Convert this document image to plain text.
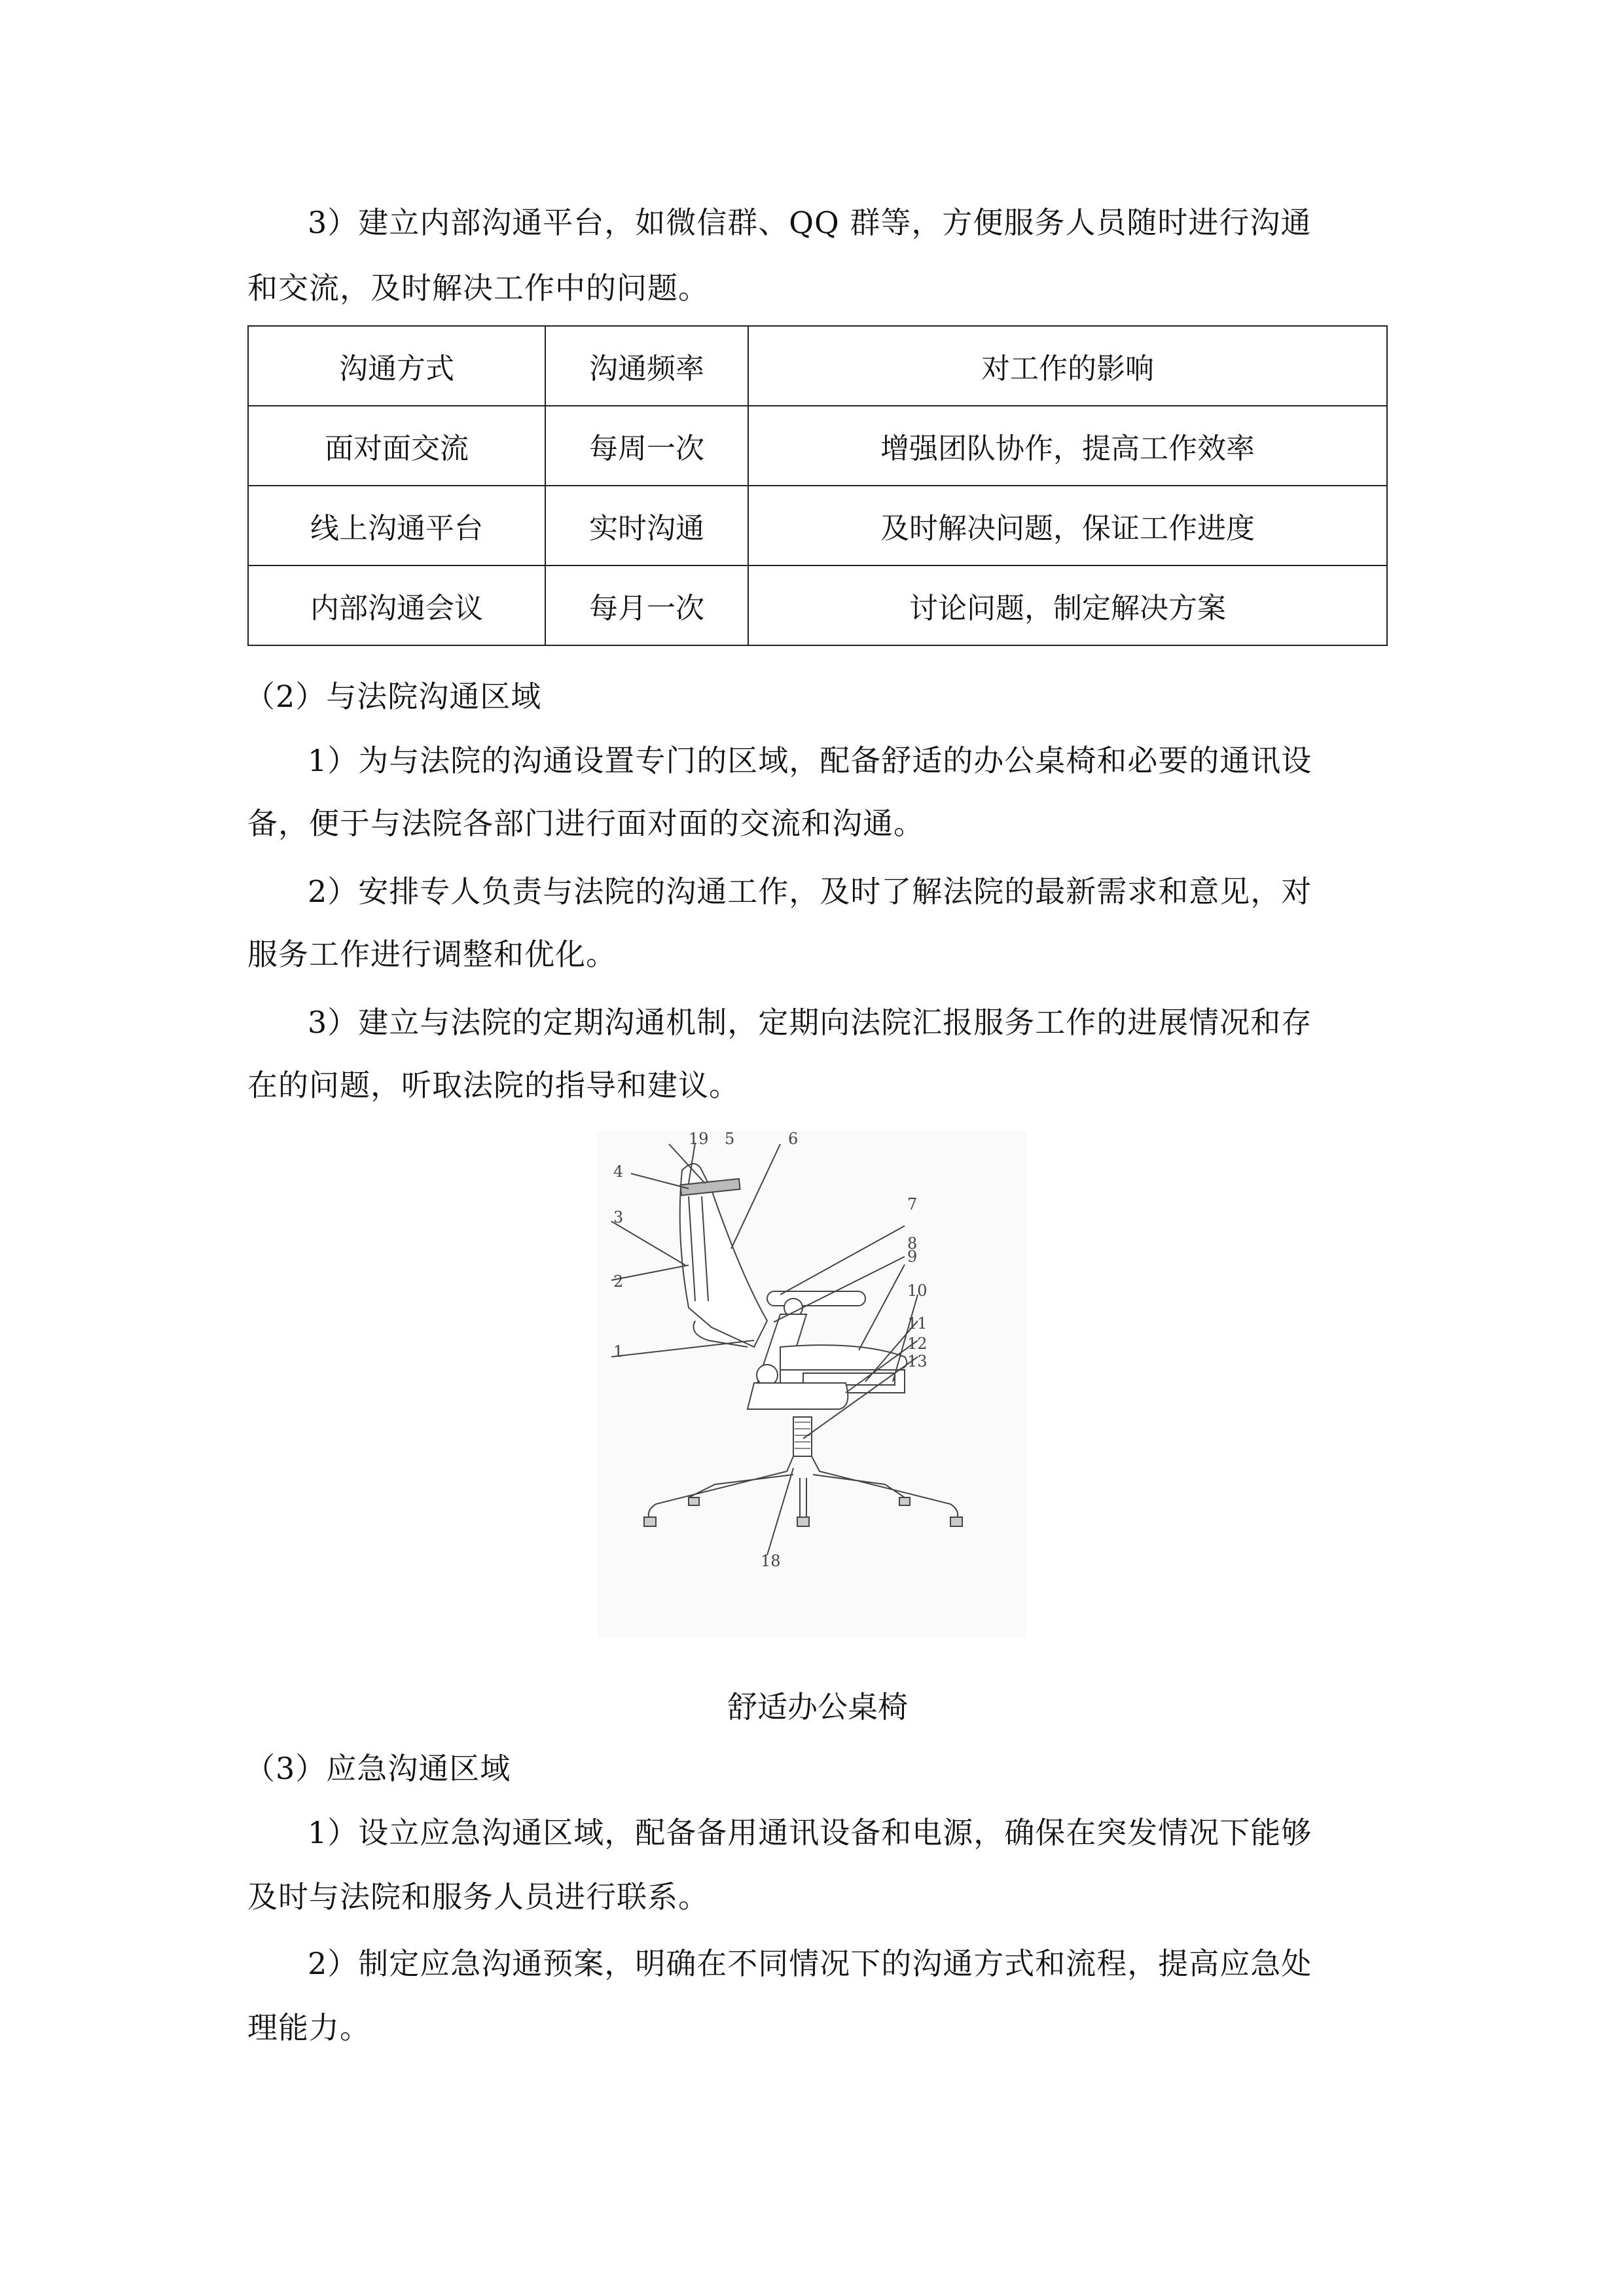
3）建立内部沟通平台，如微信群、QQ 群等，方便服务人员随时进行沟通

和交流，及时解决工作中的问题。

沟通方式	沟通频率	对工作的影响
面对面交流	每周一次	增强团队协作，提高工作效率
线上沟通平台	实时沟通	及时解决问题，保证工作进度
内部沟通会议	每月一次	讨论问题，制定解决方案

（2）与法院沟通区域

1）为与法院的沟通设置专门的区域，配备舒适的办公桌椅和必要的通讯设

备，便于与法院各部门进行面对面的交流和沟通。

2）安排专人负责与法院的沟通工作，及时了解法院的最新需求和意见，对

服务工作进行调整和优化。

3）建立与法院的定期沟通机制，定期向法院汇报服务工作的进展情况和存

在的问题，听取法院的指导和建议。

舒适办公桌椅

（3）应急沟通区域

1）设立应急沟通区域，配备备用通讯设备和电源，确保在突发情况下能够

及时与法院和服务人员进行联系。

2）制定应急沟通预案，明确在不同情况下的沟通方式和流程，提高应急处

理能力。

19 5	6
4
3
7
8
2
9
10
1
11
12
13
18
